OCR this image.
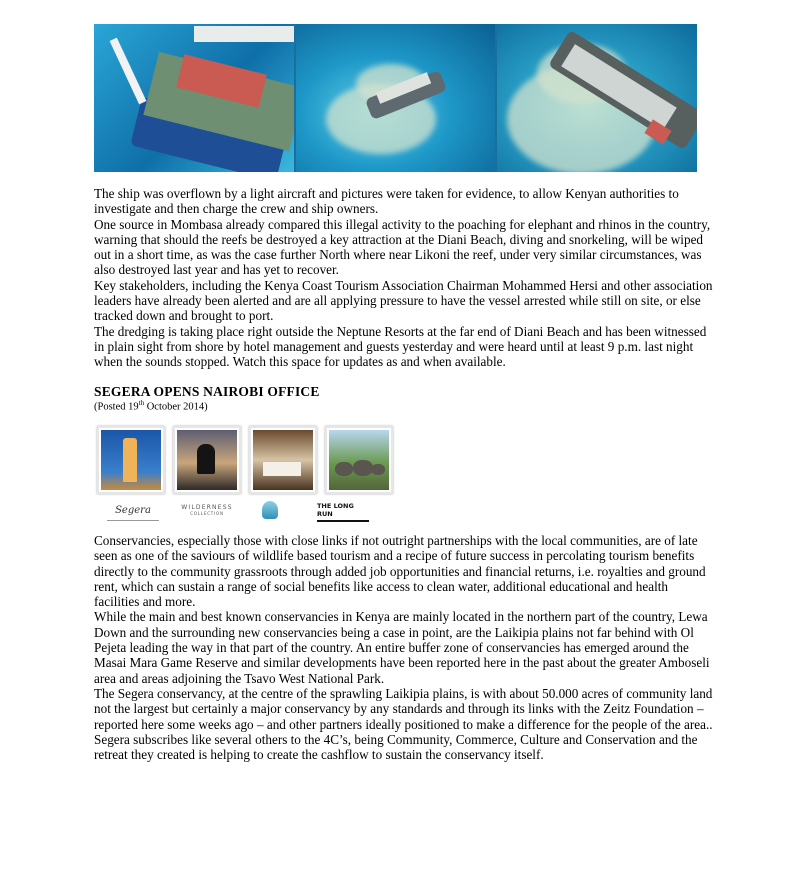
The ship was overflown by a light aircraft and pictures were taken for evidence, to allow Kenyan authorities to investigate and then charge the crew and ship owners.

One source in Mombasa already compared this illegal activity to the poaching for elephant and rhinos in the country, warning that should the reefs be destroyed a key attraction at the Diani Beach, diving and snorkeling, will be wiped out in a short time, as was the case further North where near Likoni the reef, under very similar circumstances, was also destroyed last year and has yet to recover.

Key stakeholders, including the Kenya Coast Tourism Association Chairman Mohammed Hersi and other association leaders have already been alerted and are all applying pressure to have the vessel arrested while still on site, or else tracked down and brought to port.

The dredging is taking place right outside the Neptune Resorts at the far end of Diani Beach and has been witnessed in plain sight from shore by hotel management and guests yesterday and were heard until at least 9 p.m. last night when the sounds stopped. Watch this space for updates as and when available.

SEGERA OPENS NAIROBI OFFICE
(Posted 19th October 2014)
Segera	WILDERNESS
COLLECTION
THE LONG RUN

Conservancies, especially those with close links if not outright partnerships with the local communities, are of late seen as one of the saviours of wildlife based tourism and a recipe of future success in percolating tourism benefits directly to the community grassroots through added job opportunities and financial returns, i.e. royalties and ground rent, which can sustain a range of social benefits like access to clean water, additional educational and health facilities and more.

While the main and best known conservancies in Kenya are mainly located in the northern part of the country, Lewa Down and the surrounding new conservancies being a case in point, are the Laikipia plains not far behind with Ol Pejeta leading the way in that part of the country. An entire buffer zone of conservancies has emerged around the Masai Mara Game Reserve and similar developments have been reported here in the past about the greater Amboseli area and areas adjoining the Tsavo West National Park.

The Segera conservancy, at the centre of the sprawling Laikipia plains, is with about 50.000 acres of community land not the largest but certainly a major conservancy by any standards and through its links with the Zeitz Foundation – reported here some weeks ago – and other partners ideally positioned to make a difference for the people of the area..

Segera subscribes like several others to the 4C’s, being Community, Commerce, Culture and Conservation and the retreat they created is helping to create the cashflow to sustain the conservancy itself.
